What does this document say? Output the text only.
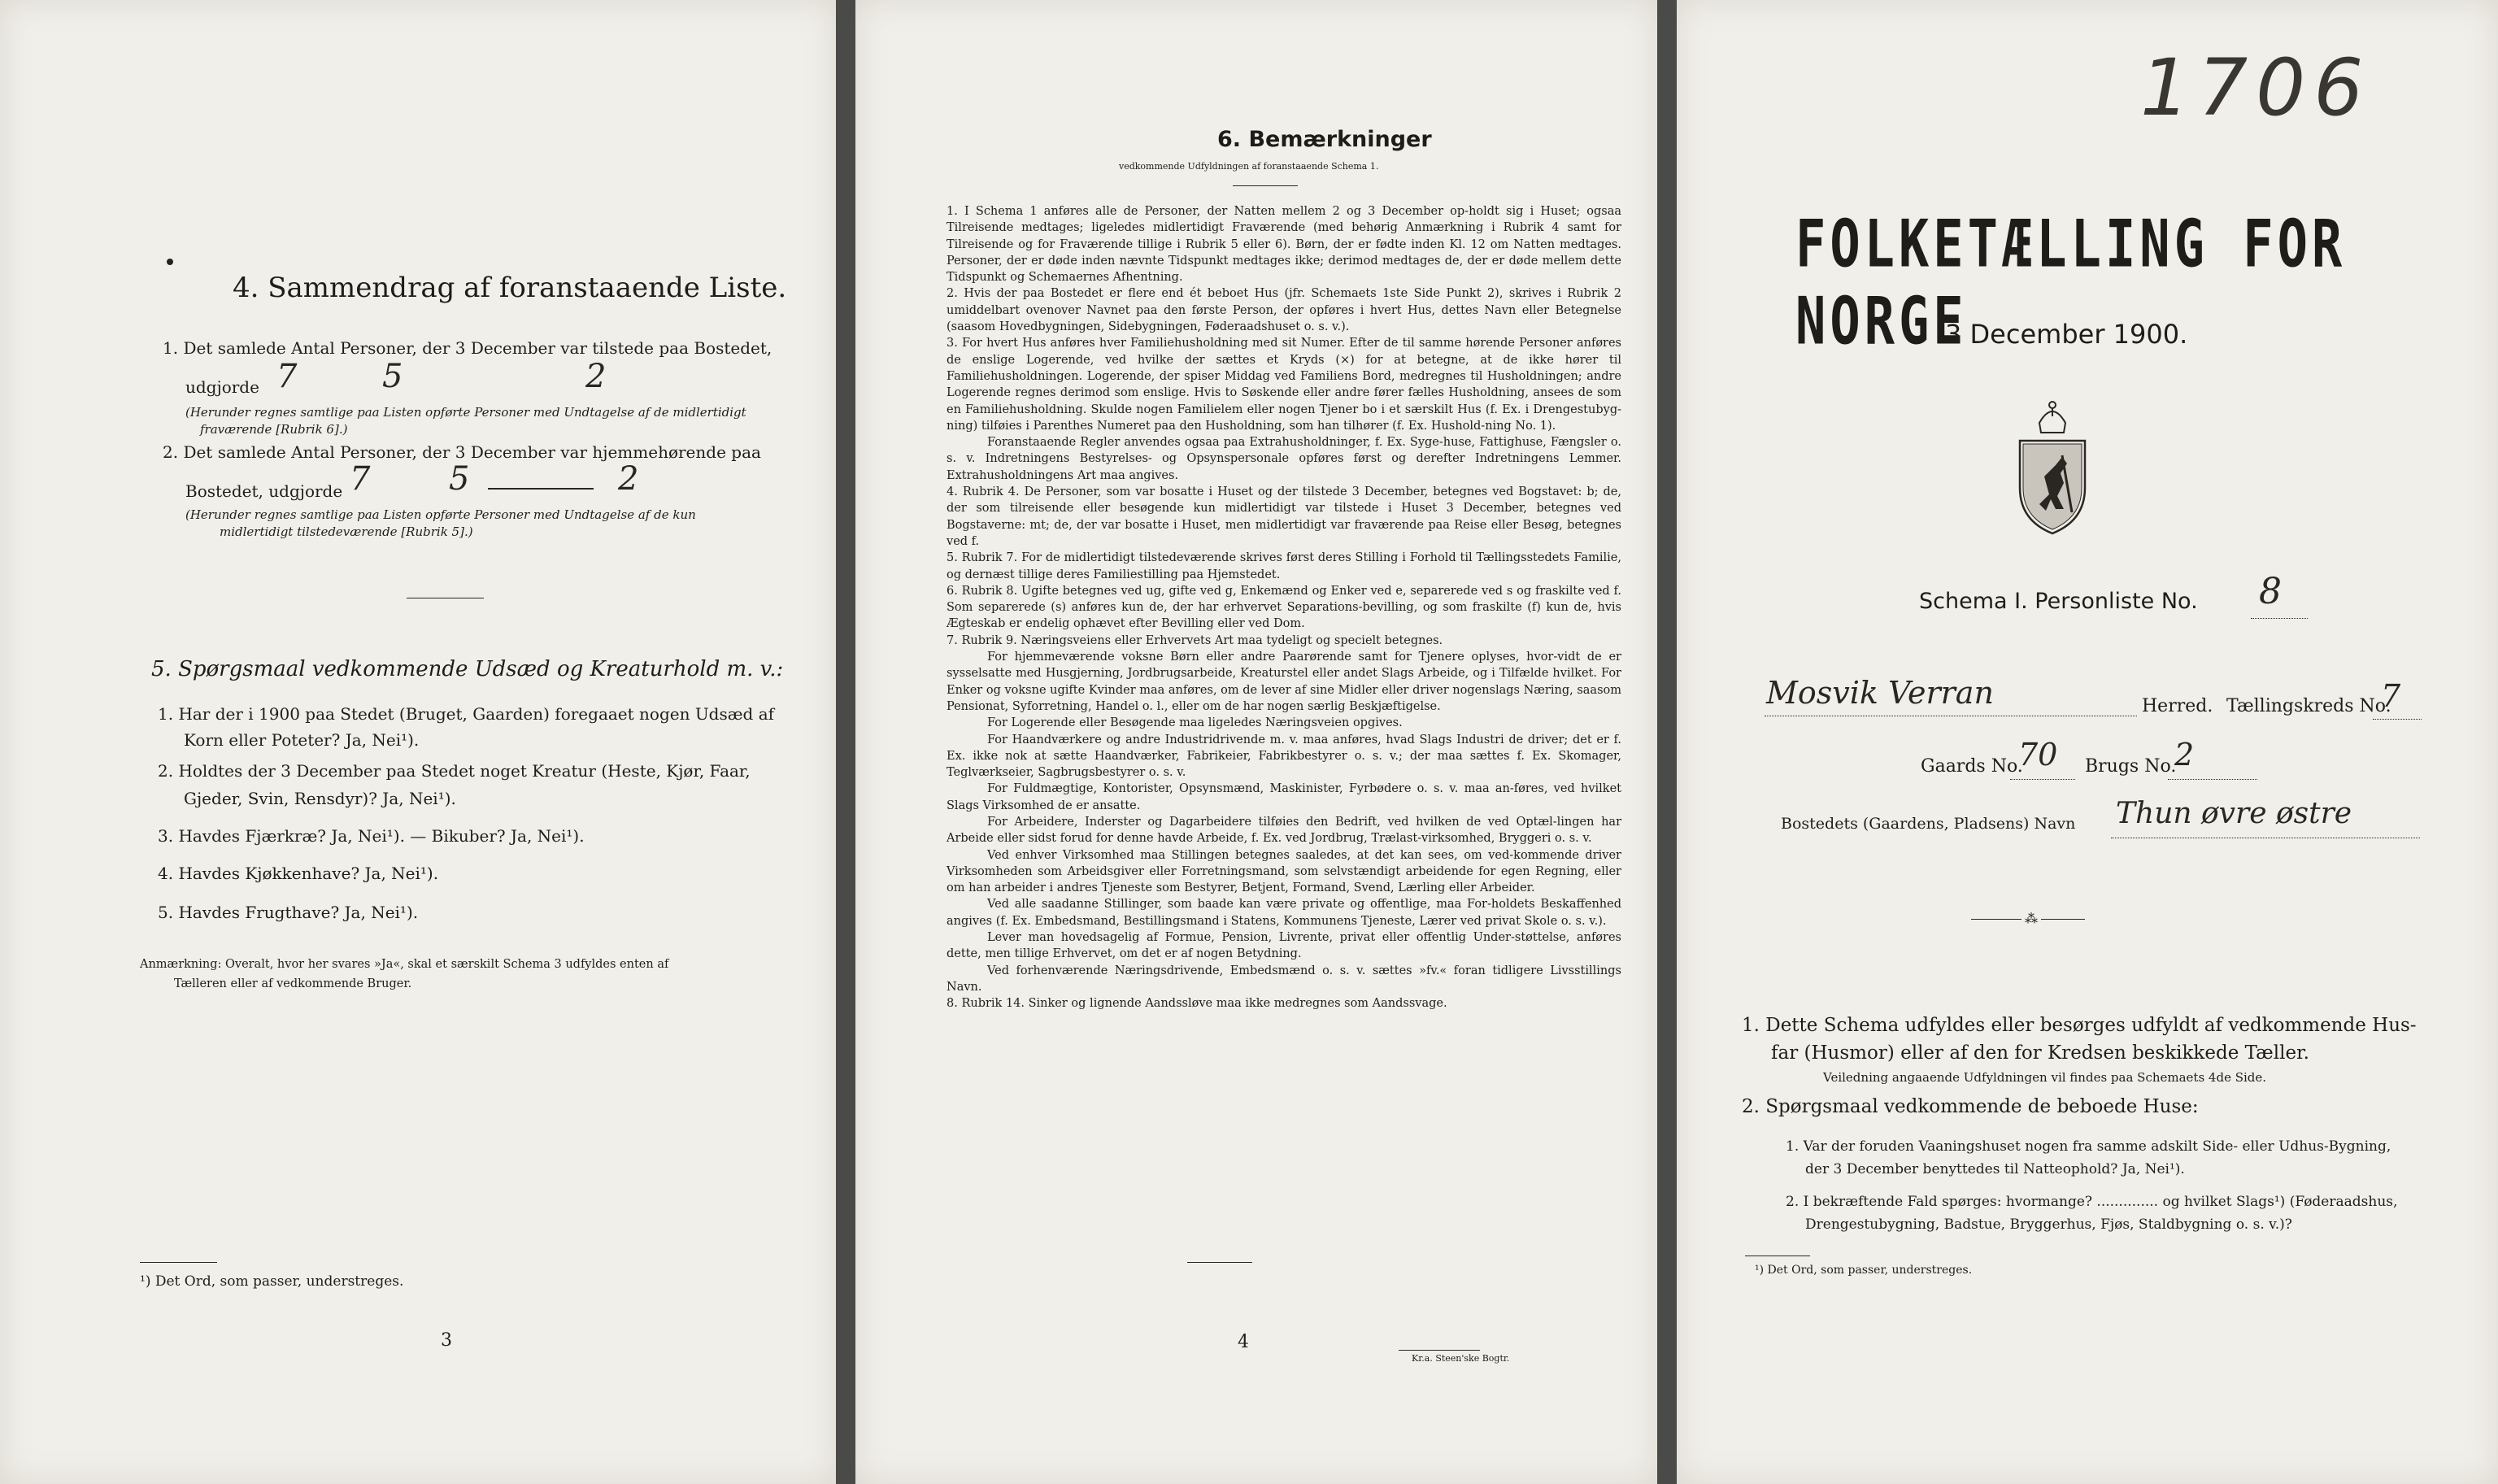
4. Sammendrag af foranstaaende Liste.
1. Det samlede Antal Personer, der 3 December var tilstede paa Bostedet,
udgjorde 7	5	2
(Herunder regnes samtlige paa Listen opførte Personer med Undtagelse af de midlertidigt
fraværende [Rubrik 6].)
2. Det samlede Antal Personer, der 3 December var hjemmehørende paa
Bostedet, udgjorde 7 5	2
(Herunder regnes samtlige paa Listen opførte Personer med Undtagelse af de kun
midlertidigt tilstedeværende [Rubrik 5].)
5. Spørgsmaal vedkommende Udsæd og Kreaturhold m. v.:
1. Har der i 1900 paa Stedet (Bruget, Gaarden) foregaaet nogen Udsæd af
Korn eller Poteter? Ja, Nei¹).
2. Holdtes der 3 December paa Stedet noget Kreatur (Heste, Kjør, Faar,
Gjeder, Svin, Rensdyr)? Ja, Nei¹).
3. Havdes Fjærkræ? Ja, Nei¹). — Bikuber? Ja, Nei¹).
4. Havdes Kjøkkenhave? Ja, Nei¹).
5. Havdes Frugthave? Ja, Nei¹).
Anmærkning: Overalt, hvor her svares »Ja«, skal et særskilt Schema 3 udfyldes enten af
Tælleren eller af vedkommende Bruger.
¹) Det Ord, som passer, understreges.
3
6. Bemærkninger
vedkommende Udfyldningen af foranstaaende Schema 1.

1. I Schema 1 anføres alle de Personer, der Natten mellem 2 og 3 December op-holdt sig i Huset; ogsaa Tilreisende medtages; ligeledes midlertidigt Fraværende (med behørig Anmærkning i Rubrik 4 samt for Tilreisende og for Fraværende tillige i Rubrik 5 eller 6). Børn, der er fødte inden Kl. 12 om Natten medtages. Personer, der er døde inden nævnte Tidspunkt medtages ikke; derimod medtages de, der er døde mellem dette Tidspunkt og Schemaernes Afhentning.

2. Hvis der paa Bostedet er flere end ét beboet Hus (jfr. Schemaets 1ste Side Punkt 2), skrives i Rubrik 2 umiddelbart ovenover Navnet paa den første Person, der opføres i hvert Hus, dettes Navn eller Betegnelse (saasom Hovedbygningen, Sidebygningen, Føderaadshuset o. s. v.).

3. For hvert Hus anføres hver Familiehusholdning med sit Numer. Efter de til samme hørende Personer anføres de enslige Logerende, ved hvilke der sættes et Kryds (×) for at betegne, at de ikke hører til Familiehusholdningen. Logerende, der spiser Middag ved Familiens Bord, medregnes til Husholdningen; andre Logerende regnes derimod som enslige. Hvis to Søskende eller andre fører fælles Husholdning, ansees de som en Familiehusholdning. Skulde nogen Familielem eller nogen Tjener bo i et særskilt Hus (f. Ex. i Drengestubyg-ning) tilføies i Parenthes Numeret paa den Husholdning, som han tilhører (f. Ex. Hushold-ning No. 1).

Foranstaaende Regler anvendes ogsaa paa Extrahusholdninger, f. Ex. Syge-huse, Fattighuse, Fængsler o. s. v. Indretningens Bestyrelses- og Opsynspersonale opføres først og derefter Indretningens Lemmer. Extrahusholdningens Art maa angives.

4. Rubrik 4. De Personer, som var bosatte i Huset og der tilstede 3 December, betegnes ved Bogstavet: b; de, der som tilreisende eller besøgende kun midlertidigt var tilstede i Huset 3 December, betegnes ved Bogstaverne: mt; de, der var bosatte i Huset, men midlertidigt var fraværende paa Reise eller Besøg, betegnes ved f.

5. Rubrik 7. For de midlertidigt tilstedeværende skrives først deres Stilling i Forhold til Tællingsstedets Familie, og dernæst tillige deres Familiestilling paa Hjemstedet.

6. Rubrik 8. Ugifte betegnes ved ug, gifte ved g, Enkemænd og Enker ved e, separerede ved s og fraskilte ved f. Som separerede (s) anføres kun de, der har erhvervet Separations-bevilling, og som fraskilte (f) kun de, hvis Ægteskab er endelig ophævet efter Bevilling eller ved Dom.

7. Rubrik 9. Næringsveiens eller Erhvervets Art maa tydeligt og specielt betegnes.

For hjemmeværende voksne Børn eller andre Paarørende samt for Tjenere oplyses, hvor-vidt de er sysselsatte med Husgjerning, Jordbrugsarbeide, Kreaturstel eller andet Slags Arbeide, og i Tilfælde hvilket. For Enker og voksne ugifte Kvinder maa anføres, om de lever af sine Midler eller driver nogenslags Næring, saasom Pensionat, Syforretning, Handel o. l., eller om de har nogen særlig Beskjæftigelse.

For Logerende eller Besøgende maa ligeledes Næringsveien opgives.

For Haandværkere og andre Industridrivende m. v. maa anføres, hvad Slags Industri de driver; det er f. Ex. ikke nok at sætte Haandværker, Fabrikeier, Fabrikbestyrer o. s. v.; der maa sættes f. Ex. Skomager, Teglværkseier, Sagbrugsbestyrer o. s. v.

For Fuldmægtige, Kontorister, Opsynsmænd, Maskinister, Fyrbødere o. s. v. maa an-føres, ved hvilket Slags Virksomhed de er ansatte.

For Arbeidere, Inderster og Dagarbeidere tilføies den Bedrift, ved hvilken de ved Optæl-lingen har Arbeide eller sidst forud for denne havde Arbeide, f. Ex. ved Jordbrug, Trælast-virksomhed, Bryggeri o. s. v.

Ved enhver Virksomhed maa Stillingen betegnes saaledes, at det kan sees, om ved-kommende driver Virksomheden som Arbeidsgiver eller Forretningsmand, som selvstændigt arbeidende for egen Regning, eller om han arbeider i andres Tjeneste som Bestyrer, Betjent, Formand, Svend, Lærling eller Arbeider.

Ved alle saadanne Stillinger, som baade kan være private og offentlige, maa For-holdets Beskaffenhed angives (f. Ex. Embedsmand, Bestillingsmand i Statens, Kommunens Tjeneste, Lærer ved privat Skole o. s. v.).

Lever man hovedsagelig af Formue, Pension, Livrente, privat eller offentlig Under-støttelse, anføres dette, men tillige Erhvervet, om det er af nogen Betydning.

Ved forhenværende Næringsdrivende, Embedsmænd o. s. v. sættes »fv.« foran tidligere Livsstillings Navn.

8. Rubrik 14. Sinker og lignende Aandssløve maa ikke medregnes som Aandssvage.

4
Kr.a. Steen'ske Bogtr.
1706
FOLKETÆLLING FOR NORGE
3 December 1900.
Schema I. Personliste No. 8
Mosvik Verran	Herred. Tællingskreds No.
7
Gaards No.
70 Brugs No.
2
Bostedets (Gaardens, Pladsens) Navn Thun øvre østre
⁂
1. Dette Schema udfyldes eller besørges udfyldt af vedkommende Hus-
far (Husmor) eller af den for Kredsen beskikkede Tæller.
Veiledning angaaende Udfyldningen vil findes paa Schemaets 4de Side.
2. Spørgsmaal vedkommende de beboede Huse:
1. Var der foruden Vaaningshuset nogen fra samme adskilt Side- eller Udhus-Bygning,
der 3 December benyttedes til Natteophold? Ja, Nei¹).
2. I bekræftende Fald spørges: hvormange? .............. og hvilket Slags¹) (Føderaadshus,
Drengestubygning, Badstue, Bryggerhus, Fjøs, Staldbygning o. s. v.)?
¹) Det Ord, som passer, understreges.
